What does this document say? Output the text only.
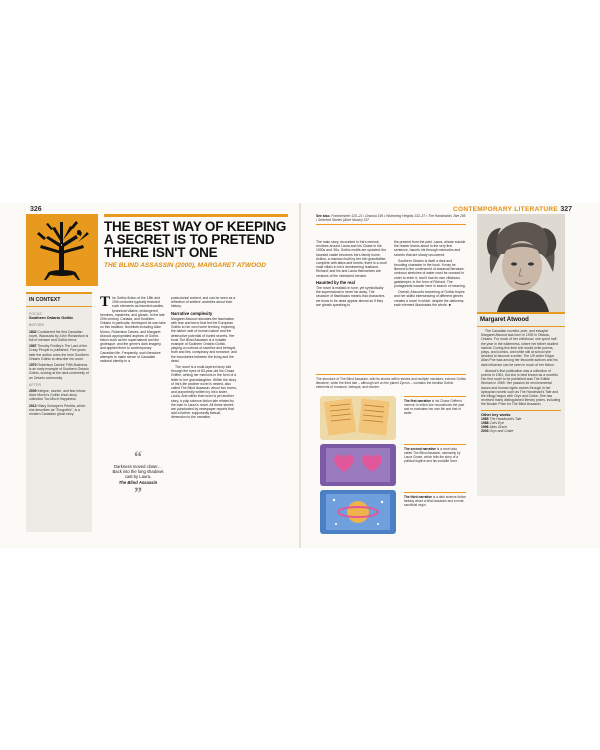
326	CONTEMPORARY LITERATURE 327
THE BEST WAY OF KEEPING A SECRET IS TO PRETEND THERE ISN'T ONE
THE BLIND ASSASSIN (2000), MARGARET ATWOOD
IN CONTEXT
FOCUS
Southern Ontario Gothic
BEFORE
1832 Considered the first Canadian novel, Wacousta by John Richardson is full of menace and Gothic terror.
1967 Timothy Findley's The Last of the Crazy People is published. Five years later the author coins the term Southern Ontario Gothic to describe his novel.
1970 Robertson Davies' Fifth Business is an early example of Southern Ontario Gothic, looking at the dark underbelly of an Ontario community.
AFTER
2009 Intrigue, murder, and fear infuse Alice Munro's Gothic short-story collection Too Much Happiness.
2012 Hilary Scharper's Perdita, which she describes as "Ecogothic", is a modern Canadian ghost story.

The Gothic fiction of the 18th and 19th centuries typically featured such elements as haunted castles, tyrannical villains, endangered heroines, mysteries, and ghosts. In the late 20th century, Canada, and Southern Ontario in particular, developed its own take on this tradition. Novelists including Alice Munro, Robertson Davies, and Margaret Atwood appropriated aspects of Gothic fiction such as the supernatural and the grotesque, and the genre's dark imagery, and applied them to contemporary Canadian life. Frequently, such literature attempts to make sense of Canadian national identity in a

“
Darkness moved closer… Back into the long shadows cast by Laura.
The Blind Assassin
”

postcolonial context, and can be seen as a reflection of settlers' anxieties about their history.

Narrative complexity

Margaret Atwood relocates the fascination with fear and terror that fed the European Gothic to her own home territory, exploring the darker side of human nature and the destructive potential of buried secrets. Her book The Blind Assassin is a notable example of Southern Ontario Gothic, playing on notions of sacrifice and betrayal, truth and lies, conspiracy and romance, and the boundaries between the living and the dead.

The novel is a multi-layered story told through the eyes of 83-year-old Iris Chase Griffen, writing her memoirs in the form of a letter to her granddaughter. Within the story of Iris's life another novel is nested, also called The Blind Assassin, about two lovers, and purportedly written by Iris's sister, Laura. And within that novel is yet another story, a pulp science-fiction tale related by the man in Laura's novel. All these stories are punctuated by newspaper reports that add a further, supposedly factual, dimension to the narrative.

See also: Frankenstein 120–21 • Dracula 195 • Wuthering Heights 132–37 • The Handmaid's Tale 295 • Selected Stories (Alice Munro) 337

The main story, recounted in Iris's memoir, revolves around Laura and Iris Chase in the 1930s and '40s. Gothic motifs are updated: the haunted castle becomes Iris's family home, Avilion, a mansion built by her rich grandfather, complete with attics and turrets; there is a cruel male villain in Iris's domineering husband, Richard; and Iris and Laura themselves are versions of the victimized heroine.

Haunted by the real

The novel is realistic in tone, yet symbolically the supernatural is never far away. The structure of flashbacks means that characters we know to be dead appear almost as if they are ghosts speaking to

the present from the past. Laura, whose suicide the reader learns about in the very first sentence, haunts Iris through memories and secrets that are slowly uncovered.

Southern Ontario is itself a dark and brooding character in the book. It may be likened to the underworld of classical literature: ominous stretches of water must be crossed in order to enter it, and it has its own villainous gatekeeper, in the form of Richard. The protagonists wander here in search of meaning.

Overall, Atwood's reworking of Gothic tropes and her skilful interweaving of different genres creates a novel in which, despite the darkness, each element illuminates the whole. ■

The structure of The Blind Assassin, with its stories within stories and multiple narrators, echoes Gothic literature, while the third tale – although set on the planet Zycron – contains the familiar Gothic elements of romance, betrayal, and murder.
The first narrative is Iris Chase Griffen's memoir, in which she reconstructs the past and re-evaluates her own life and that of sister.
The second narrative is a novel also called The Blind Assassin, ostensibly by Laura Chase, which tells the story of a political fugitive and his socialite lover.
The third narrative is a dark science-fiction fantasy about a blind assassin and a mute sacrificial virgin.
Margaret Atwood

The Canadian novelist, poet, and essayist Margaret Atwood was born in 1939 in Ottawa, Ontario. For much of her childhood, she spent half the year in the wilderness, where her father studied insects. During this time she would write poems, plays, and comics, and while still at school she decided to become a writer. The US writer Edgar Allan Poe was among her favourite authors and his dark influence can be seen in much of her fiction.

Atwood's first publication was a collection of poems in 1961, but she is best known as a novelist. Her first novel to be published was The Edible Woman in 1969. Her passion for environmental issues and human rights comes through in her dystopian novels such as The Handmaid's Tale and the trilogy begun with Oryx and Crake. She has received many distinguished literary prizes, including the Booker Prize for The Blind Assassin.

Other key works
1985 The Handmaid's Tale
1988 Cat's Eye
1996 Alias Grace
2003 Oryx and Crake
